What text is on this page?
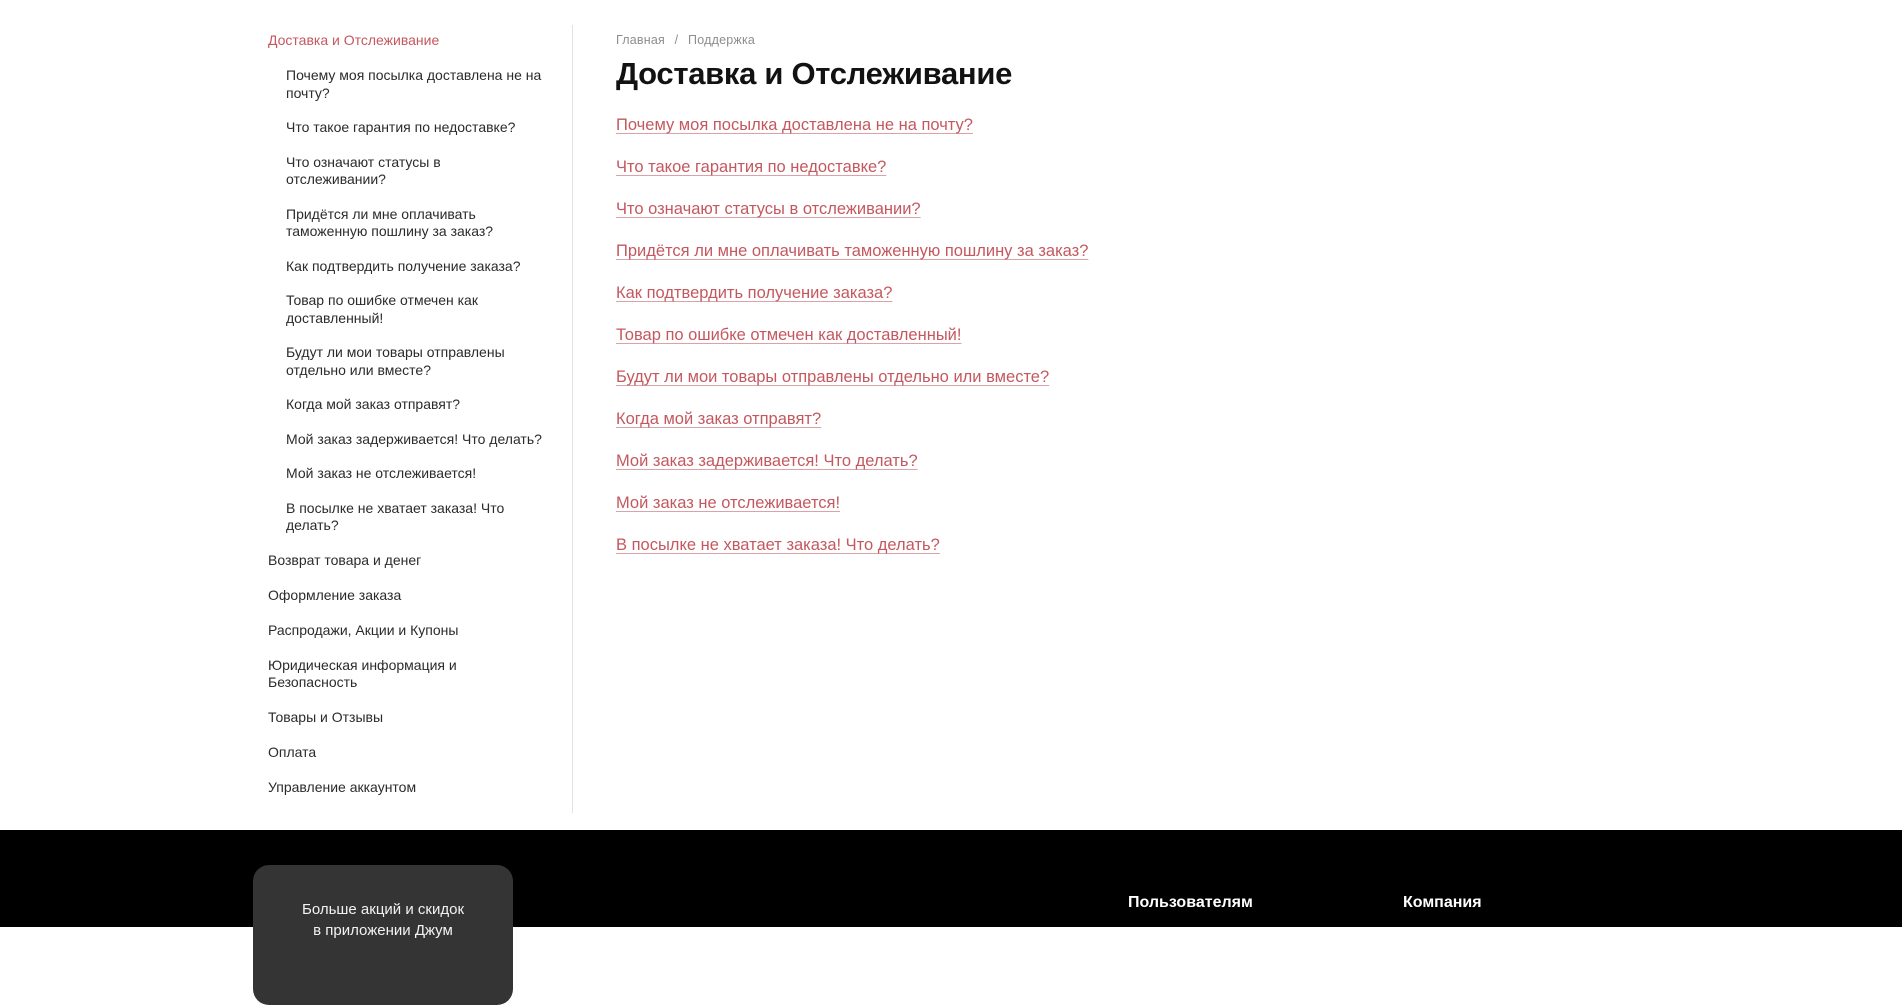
Доставка и Отслеживание
Почему моя посылка доставлена не на почту?
Что такое гарантия по недоставке?
Что означают статусы в отслеживании?
Придётся ли мне оплачивать таможенную пошлину за заказ?
Как подтвердить получение заказа?
Товар по ошибке отмечен как доставленный!
Будут ли мои товары отправлены отдельно или вместе?
Когда мой заказ отправят?
Мой заказ задерживается! Что делать?
Мой заказ не отслеживается!
В посылке не хватает заказа! Что делать?
Возврат товара и денег
Оформление заказа
Распродажи, Акции и Купоны
Юридическая информация и Безопасность
Товары и Отзывы
Оплата
Управление аккаунтом
Главная / Поддержка
Доставка и Отслеживание
Почему моя посылка доставлена не на почту?
Что такое гарантия по недоставке?
Что означают статусы в отслеживании?
Придётся ли мне оплачивать таможенную пошлину за заказ?
Как подтвердить получение заказа?
Товар по ошибке отмечен как доставленный!
Будут ли мои товары отправлены отдельно или вместе?
Когда мой заказ отправят?
Мой заказ задерживается! Что делать?
Мой заказ не отслеживается!
В посылке не хватает заказа! Что делать?
Больше акций и скидок
в приложении Джум
Пользователям	Компания
